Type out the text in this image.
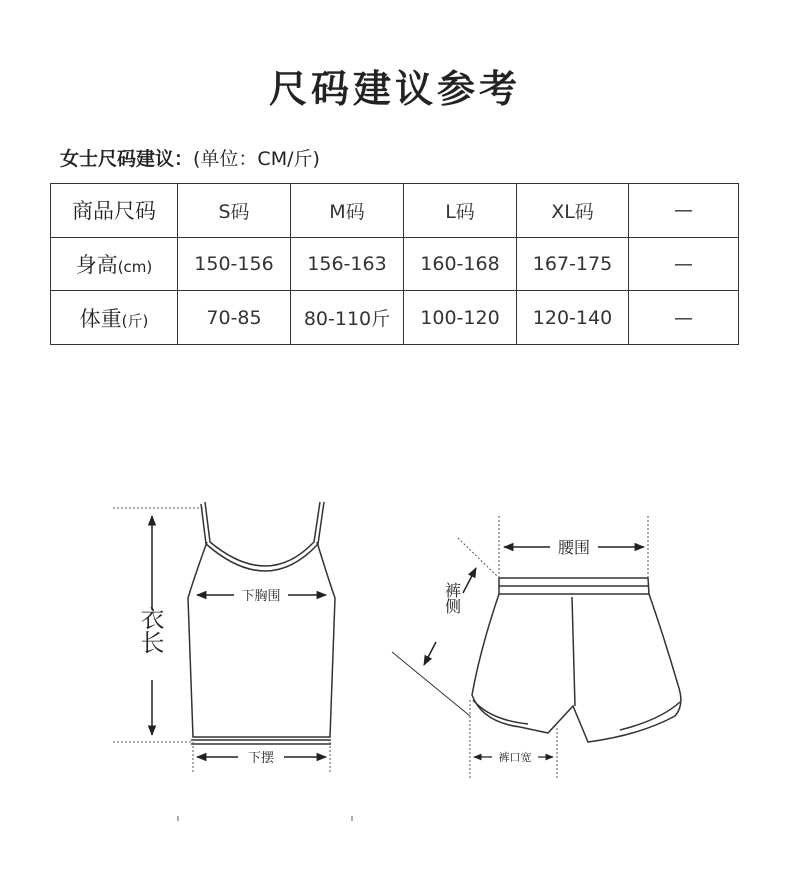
尺码建议参考
女士尺码建议：(单位：CM/斤)
商品尺码	S码	M码	L码	XL码	—
身高(cm)	150-156	156-163	160-168	167-175	—
体重(斤)	70-85	80-110斤	100-120	120-140	—
衣长
下胸围
下摆
腰围
裤侧
裤口宽
